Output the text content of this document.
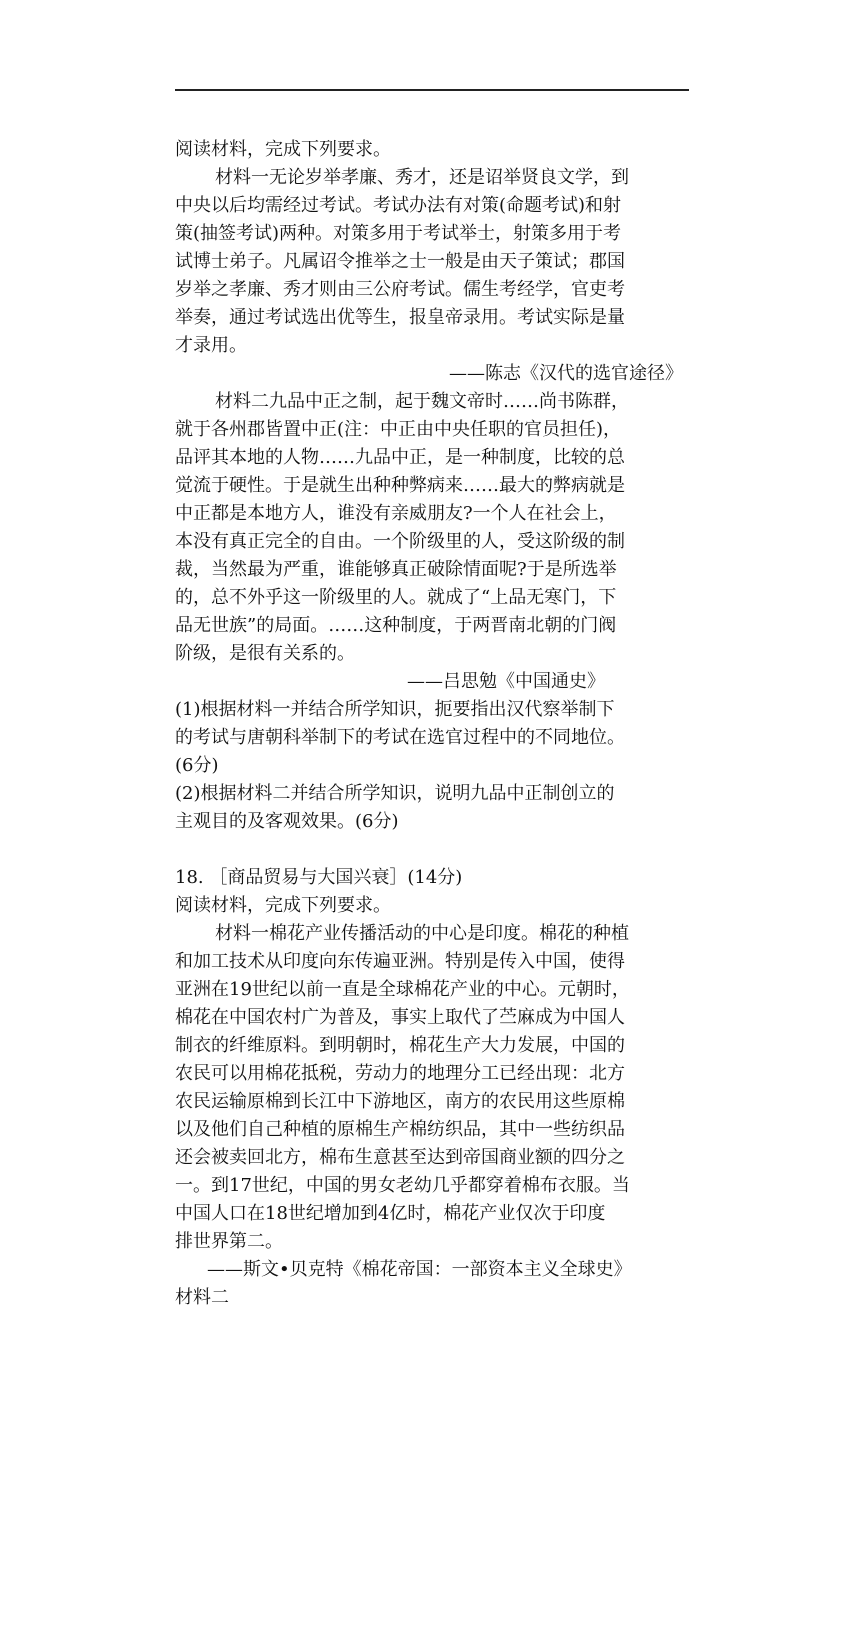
阅读材料，完成下列要求。
材料一无论岁举孝廉、秀才，还是诏举贤良文学，到
中央以后均需经过考试。考试办法有对策(命题考试)和射
策(抽签考试)两种。对策多用于考试举士，射策多用于考
试博士弟子。凡属诏令推举之士一般是由天子策试；郡国
岁举之孝廉、秀才则由三公府考试。儒生考经学，官吏考
举奏，通过考试选出优等生，报皇帝录用。考试实际是量
才录用。
——陈志《汉代的选官途径》
材料二九品中正之制，起于魏文帝时……尚书陈群，
就于各州郡皆置中正(注：中正由中央任职的官员担任)，
品评其本地的人物……九品中正，是一种制度，比较的总
觉流于硬性。于是就生出种种弊病来……最大的弊病就是
中正都是本地方人，谁没有亲威朋友?一个人在社会上，
本没有真正完全的自由。一个阶级里的人，受这阶级的制
裁，当然最为严重，谁能够真正破除情面呢?于是所选举
的，总不外乎这一阶级里的人。就成了“上品无寒门，下
品无世族”的局面。……这种制度，于两晋南北朝的门阀
阶级，是很有关系的。
——吕思勉《中国通史》
(1)根据材料一并结合所学知识，扼要指出汉代察举制下
的考试与唐朝科举制下的考试在选官过程中的不同地位。
(6分)
(2)根据材料二并结合所学知识，说明九品中正制创立的
主观目的及客观效果。(6分)
18. ［商品贸易与大国兴衰］(14分)
阅读材料，完成下列要求。
材料一棉花产业传播活动的中心是印度。棉花的种植
和加工技术从印度向东传遍亚洲。特别是传入中国，使得
亚洲在19世纪以前一直是全球棉花产业的中心。元朝时，
棉花在中国农村广为普及，事实上取代了苎麻成为中国人
制衣的纤维原料。到明朝时，棉花生产大力发展，中国的
农民可以用棉花抵税，劳动力的地理分工已经出现：北方
农民运输原棉到长江中下游地区，南方的农民用这些原棉
以及他们自己种植的原棉生产棉纺织品，其中一些纺织品
还会被卖回北方，棉布生意甚至达到帝国商业额的四分之
一。到17世纪，中国的男女老幼几乎都穿着棉布衣服。当
中国人口在18世纪增加到4亿时，棉花产业仅次于印度
排世界第二。
——斯文•贝克特《棉花帝国：一部资本主义全球史》
材料二
